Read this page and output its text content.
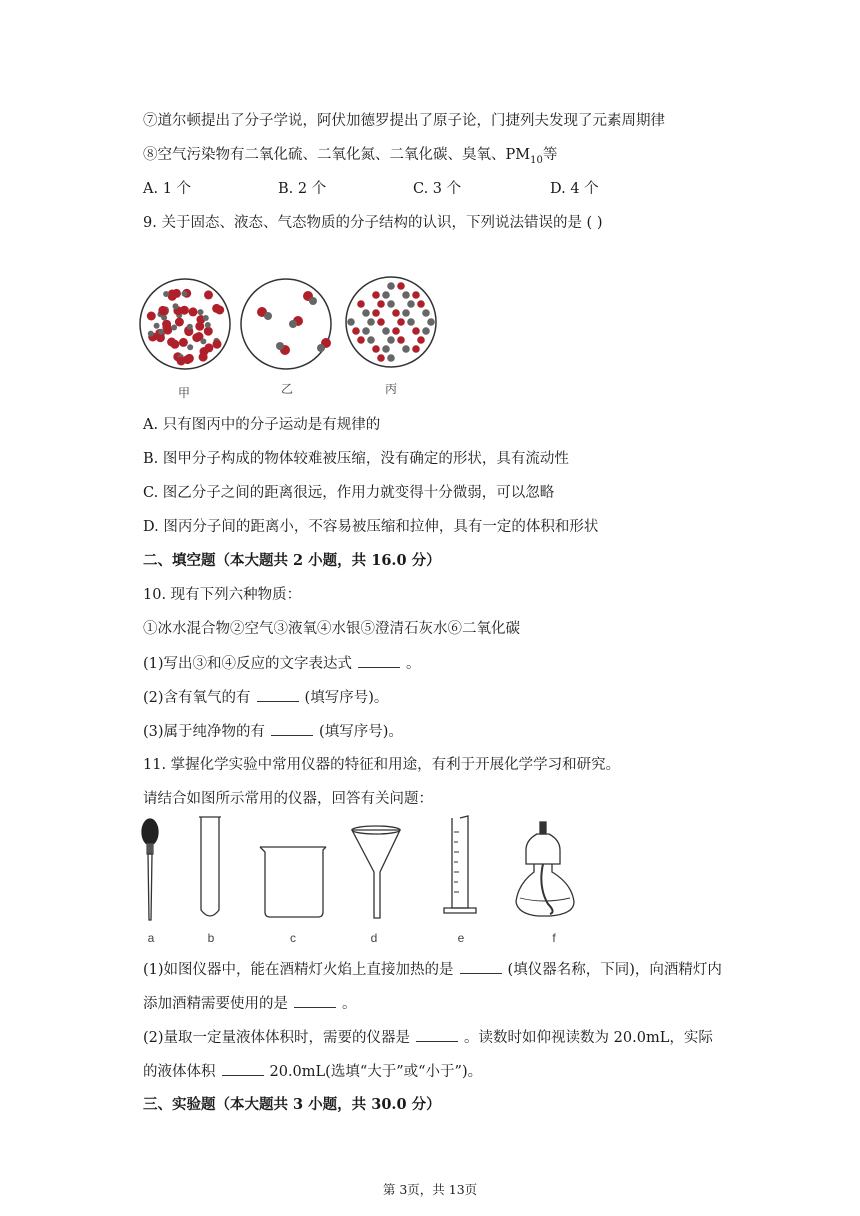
⑦道尔顿提出了分子学说，阿伏加德罗提出了原子论，门捷列夫发现了元素周期律
⑧空气污染物有二氧化硫、二氧化氮、二氧化碳、臭氧、$PM_{10}$等
A. 1 个	B. 2 个	C. 3 个	D. 4 个
9. 关于固态、液态、气态物质的分子结构的认识，下列说法错误的是 ( )
甲	乙	丙
A. 只有图丙中的分子运动是有规律的
B. 图甲分子构成的物体较难被压缩，没有确定的形状，具有流动性
C. 图乙分子之间的距离很远，作用力就变得十分微弱，可以忽略
D. 图丙分子间的距离小，不容易被压缩和拉伸，具有一定的体积和形状
二、填空题（本大题共 2 小题，共 16.0 分）
10. 现有下列六种物质：
①冰水混合物②空气③液氧④水银⑤澄清石灰水⑥二氧化碳
(1)写出③和④反应的文字表达式	。
(2)含有氧气的有	(填写序号)。
(3)属于纯净物的有	(填写序号)。
11. 掌握化学实验中常用仪器的特征和用途，有利于开展化学学习和研究。
请结合如图所示常用的仪器，回答有关问题：
a	b	c	d	e	f
(1)如图仪器中，能在酒精灯火焰上直接加热的是	(填仪器名称，下同)，向酒精灯内
添加酒精需要使用的是	。
(2)量取一定量液体体积时，需要的仪器是	。读数时如仰视读数为 20.0mL，实际
的液体体积	20.0mL(选填“大于”或“小于”)。
三、实验题（本大题共 3 小题，共 30.0 分）
第 3页，共 13页
